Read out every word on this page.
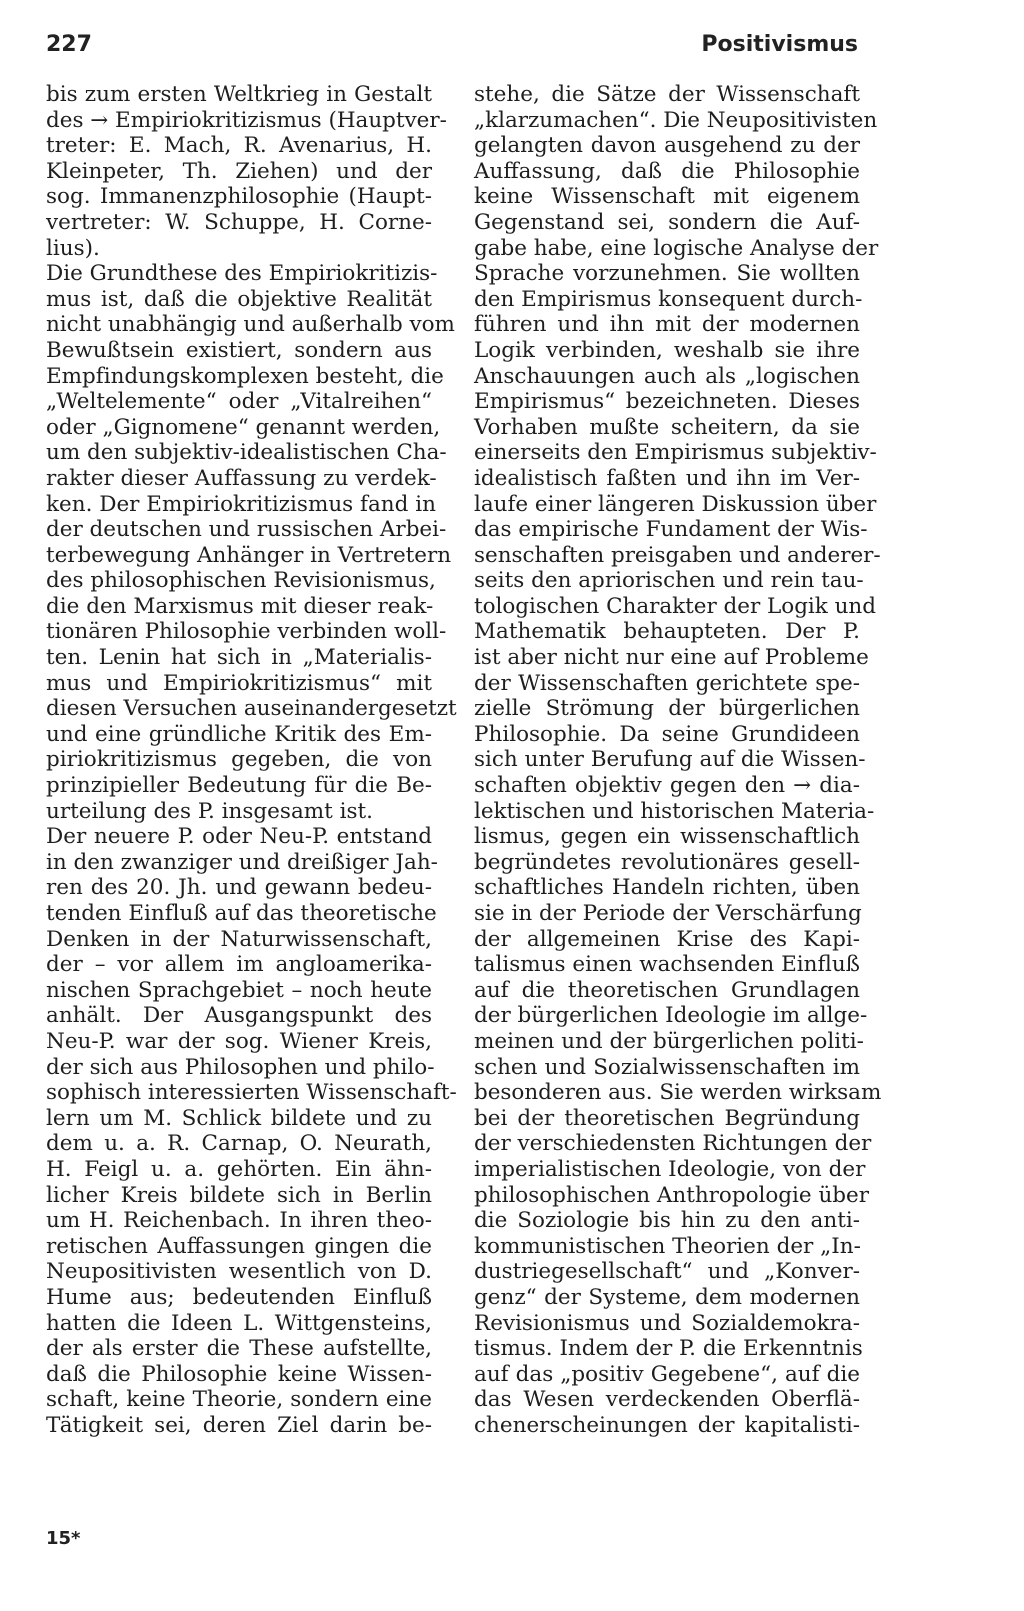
227	Positivismus
bis zum ersten Weltkrieg in Gestalt
des → Empiriokritizismus (Hauptver-
treter: E. Mach, R. Avenarius, H.
Kleinpeter, Th. Ziehen) und der
sog. Immanenzphilosophie (Haupt-
vertreter: W. Schuppe, H. Corne-
lius).
Die Grundthese des Empiriokritizis-
mus ist, daß die objektive Realität
nicht unabhängig und außerhalb vom
Bewußtsein existiert, sondern aus
Empfindungskomplexen besteht, die
„Weltelemente“ oder „Vitalreihen“
oder „Gignomene“ genannt werden,
um den subjektiv-idealistischen Cha-
rakter dieser Auffassung zu verdek-
ken. Der Empiriokritizismus fand in
der deutschen und russischen Arbei-
terbewegung Anhänger in Vertretern
des philosophischen Revisionismus,
die den Marxismus mit dieser reak-
tionären Philosophie verbinden woll-
ten. Lenin hat sich in „Materialis-
mus und Empiriokritizismus“ mit
diesen Versuchen auseinandergesetzt
und eine gründliche Kritik des Em-
piriokritizismus gegeben, die von
prinzipieller Bedeutung für die Be-
urteilung des P. insgesamt ist.
Der neuere P. oder Neu-P. entstand
in den zwanziger und dreißiger Jah-
ren des 20. Jh. und gewann bedeu-
tenden Einfluß auf das theoretische
Denken in der Naturwissenschaft,
der – vor allem im angloamerika-
nischen Sprachgebiet – noch heute
anhält. Der Ausgangspunkt des
Neu-P. war der sog. Wiener Kreis,
der sich aus Philosophen und philo-
sophisch interessierten Wissenschaft-
lern um M. Schlick bildete und zu
dem u. a. R. Carnap, O. Neurath,
H. Feigl u. a. gehörten. Ein ähn-
licher Kreis bildete sich in Berlin
um H. Reichenbach. In ihren theo-
retischen Auffassungen gingen die
Neupositivisten wesentlich von D.
Hume aus; bedeutenden Einfluß
hatten die Ideen L. Wittgensteins,
der als erster die These aufstellte,
daß die Philosophie keine Wissen-
schaft, keine Theorie, sondern eine
Tätigkeit sei, deren Ziel darin be-
stehe, die Sätze der Wissenschaft
„klarzumachen“. Die Neupositivisten
gelangten davon ausgehend zu der
Auffassung, daß die Philosophie
keine Wissenschaft mit eigenem
Gegenstand sei, sondern die Auf-
gabe habe, eine logische Analyse der
Sprache vorzunehmen. Sie wollten
den Empirismus konsequent durch-
führen und ihn mit der modernen
Logik verbinden, weshalb sie ihre
Anschauungen auch als „logischen
Empirismus“ bezeichneten. Dieses
Vorhaben mußte scheitern, da sie
einerseits den Empirismus subjektiv-
idealistisch faßten und ihn im Ver-
laufe einer längeren Diskussion über
das empirische Fundament der Wis-
senschaften preisgaben und anderer-
seits den apriorischen und rein tau-
tologischen Charakter der Logik und
Mathematik behaupteten. Der P.
ist aber nicht nur eine auf Probleme
der Wissenschaften gerichtete spe-
zielle Strömung der bürgerlichen
Philosophie. Da seine Grundideen
sich unter Berufung auf die Wissen-
schaften objektiv gegen den → dia-
lektischen und historischen Materia-
lismus, gegen ein wissenschaftlich
begründetes revolutionäres gesell-
schaftliches Handeln richten, üben
sie in der Periode der Verschärfung
der allgemeinen Krise des Kapi-
talismus einen wachsenden Einfluß
auf die theoretischen Grundlagen
der bürgerlichen Ideologie im allge-
meinen und der bürgerlichen politi-
schen und Sozialwissenschaften im
besonderen aus. Sie werden wirksam
bei der theoretischen Begründung
der verschiedensten Richtungen der
imperialistischen Ideologie, von der
philosophischen Anthropologie über
die Soziologie bis hin zu den anti-
kommunistischen Theorien der „In-
dustriegesellschaft“ und „Konver-
genz“ der Systeme, dem modernen
Revisionismus und Sozialdemokra-
tismus. Indem der P. die Erkenntnis
auf das „positiv Gegebene“, auf die
das Wesen verdeckenden Oberflä-
chenerscheinungen der kapitalisti-
15*
